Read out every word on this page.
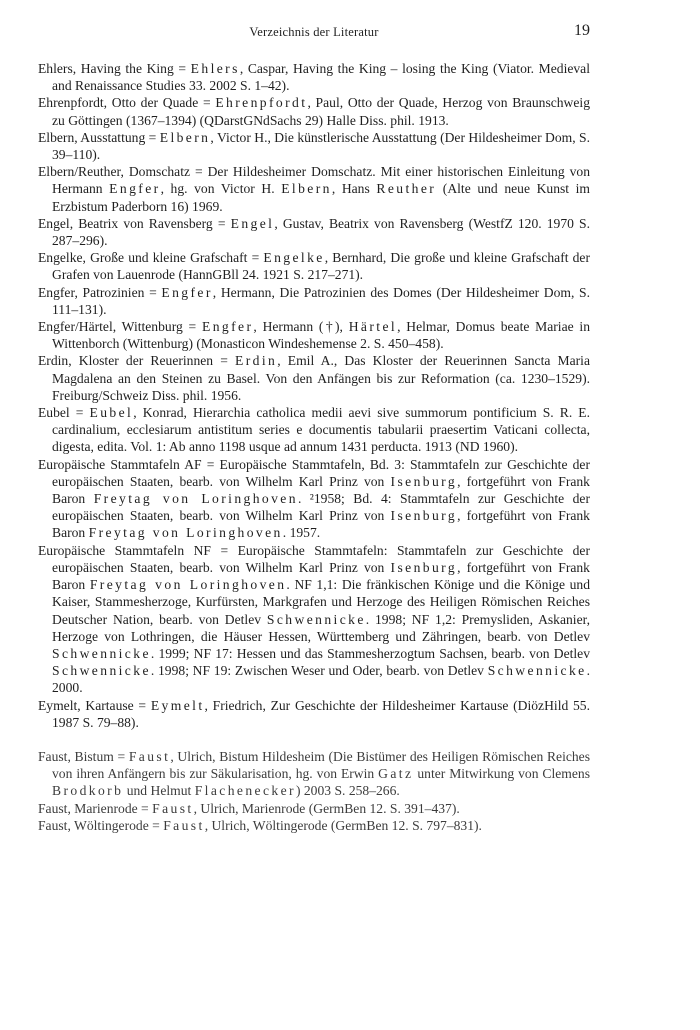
Verzeichnis der Literatur	19

Ehlers, Having the King = Ehlers, Caspar, Having the King – losing the King (Viator. Medieval and Renaissance Studies 33. 2002 S. 1–42).

Ehrenpfordt, Otto der Quade = Ehrenpfordt, Paul, Otto der Quade, Herzog von Braunschweig zu Göttingen (1367–1394) (QDarstGNdSachs 29) Halle Diss. phil. 1913.

Elbern, Ausstattung = Elbern, Victor H., Die künstlerische Ausstattung (Der Hildesheimer Dom, S. 39–110).

Elbern/Reuther, Domschatz = Der Hildesheimer Domschatz. Mit einer historischen Einleitung von Hermann Engfer, hg. von Victor H. Elbern, Hans Reuther (Alte und neue Kunst im Erzbistum Paderborn 16) 1969.

Engel, Beatrix von Ravensberg = Engel, Gustav, Beatrix von Ravensberg (WestfZ 120. 1970 S. 287–296).

Engelke, Große und kleine Grafschaft = Engelke, Bernhard, Die große und kleine Grafschaft der Grafen von Lauenrode (HannGBll 24. 1921 S. 217–271).

Engfer, Patrozinien = Engfer, Hermann, Die Patrozinien des Domes (Der Hildesheimer Dom, S. 111–131).

Engfer/Härtel, Wittenburg = Engfer, Hermann (†), Härtel, Helmar, Domus beate Mariae in Wittenborch (Wittenburg) (Monasticon Windeshemense 2. S. 450–458).

Erdin, Kloster der Reuerinnen = Erdin, Emil A., Das Kloster der Reuerinnen Sancta Maria Magdalena an den Steinen zu Basel. Von den Anfängen bis zur Reformation (ca. 1230–1529). Freiburg/Schweiz Diss. phil. 1956.

Eubel = Eubel, Konrad, Hierarchia catholica medii aevi sive summorum pontificium S. R. E. cardinalium, ecclesiarum antistitum series e documentis tabularii praesertim Vaticani collecta, digesta, edita. Vol. 1: Ab anno 1198 usque ad annum 1431 perducta. 1913 (ND 1960).

Europäische Stammtafeln AF = Europäische Stammtafeln, Bd. 3: Stammtafeln zur Geschichte der europäischen Staaten, bearb. von Wilhelm Karl Prinz von Isenburg, fortgeführt von Frank Baron Freytag von Loringhoven. ²1958; Bd. 4: Stammtafeln zur Geschichte der europäischen Staaten, bearb. von Wilhelm Karl Prinz von Isenburg, fortgeführt von Frank Baron Freytag von Loringhoven. 1957.

Europäische Stammtafeln NF = Europäische Stammtafeln: Stammtafeln zur Geschichte der europäischen Staaten, bearb. von Wilhelm Karl Prinz von Isenburg, fortgeführt von Frank Baron Freytag von Loringhoven. NF 1,1: Die fränkischen Könige und die Könige und Kaiser, Stammesherzoge, Kurfürsten, Markgrafen und Herzoge des Heiligen Römischen Reiches Deutscher Nation, bearb. von Detlev Schwennicke. 1998; NF 1,2: Premysliden, Askanier, Herzoge von Lothringen, die Häuser Hessen, Württemberg und Zähringen, bearb. von Detlev Schwennicke. 1999; NF 17: Hessen und das Stammesherzogtum Sachsen, bearb. von Detlev Schwennicke. 1998; NF 19: Zwischen Weser und Oder, bearb. von Detlev Schwennicke. 2000.

Eymelt, Kartause = Eymelt, Friedrich, Zur Geschichte der Hildesheimer Kartause (DiözHild 55. 1987 S. 79–88).

Faust, Bistum = Faust, Ulrich, Bistum Hildesheim (Die Bistümer des Heiligen Römischen Reiches von ihren Anfängern bis zur Säkularisation, hg. von Erwin Gatz unter Mitwirkung von Clemens Brodkorb und Helmut Flachenecker) 2003 S. 258–266.

Faust, Marienrode = Faust, Ulrich, Marienrode (GermBen 12. S. 391–437).

Faust, Wöltingerode = Faust, Ulrich, Wöltingerode (GermBen 12. S. 797–831).
